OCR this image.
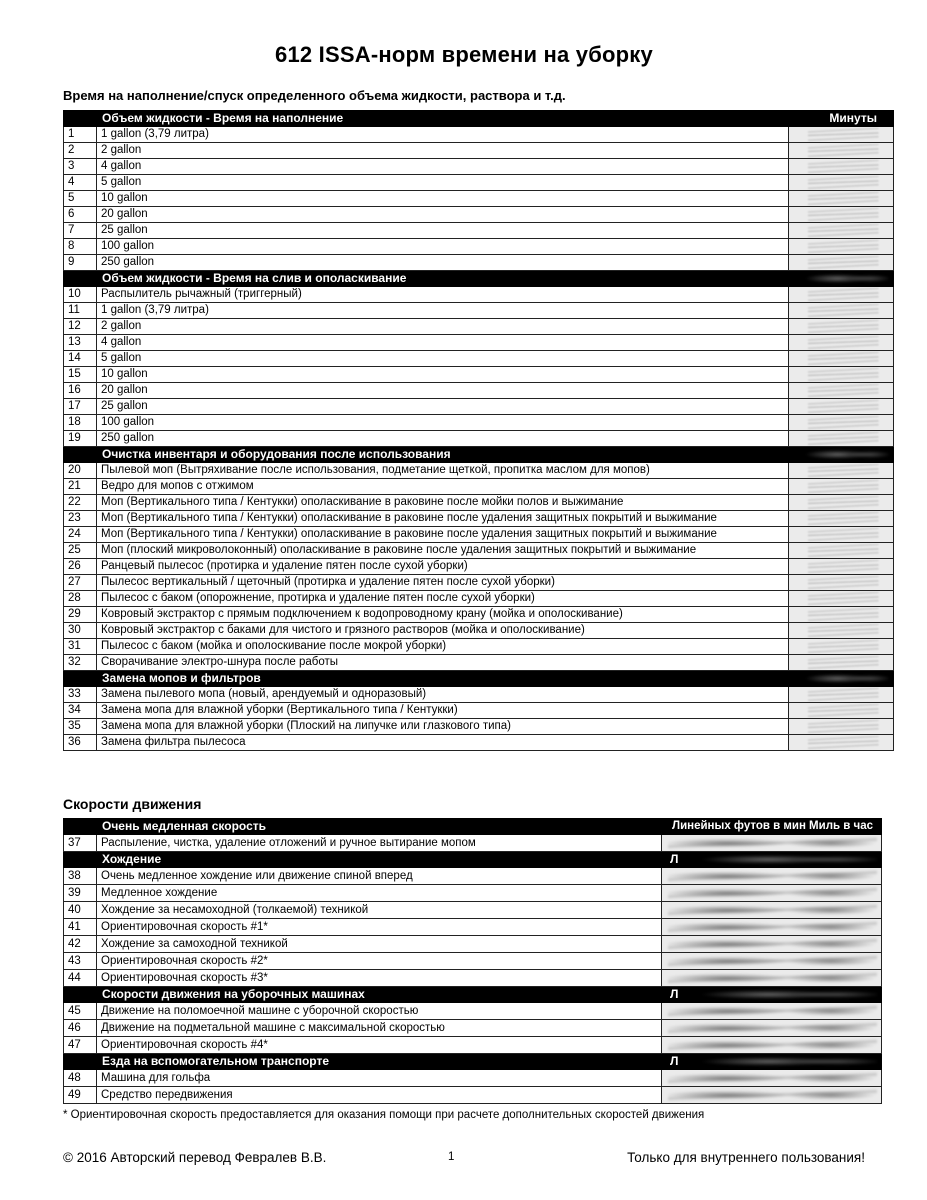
612 ISSA-норм времени на уборку
Время на наполнение/спуск определенного объема жидкости, раствора и т.д.
	Объем жидкости - Время на наполнение	Минуты
1	1 gallon (3,79 литра)	

2	2 gallon	

3	4 gallon	

4	5 gallon	

5	10 gallon	

6	20 gallon	

7	25 gallon	

8	100 gallon	

9	250 gallon	

	Объем жидкости - Время на слив и ополаскивание	

10	Распылитель рычажный (триггерный)	

11	1 gallon (3,79 литра)	

12	2 gallon	

13	4 gallon	

14	5 gallon	

15	10 gallon	

16	20 gallon	

17	25 gallon	

18	100 gallon	

19	250 gallon	

	Очистка инвентаря и оборудования после использования	

20	Пылевой моп (Вытряхивание после использования, подметание щеткой, пропитка маслом для мопов)	

21	Ведро для мопов с отжимом	

22	Моп (Вертикального типа / Кентукки) ополаскивание в раковине после мойки полов и выжимание	

23	Моп (Вертикального типа / Кентукки) ополаскивание в раковине после удаления защитных покрытий и выжимание	

24	Моп (Вертикального типа / Кентукки) ополаскивание в раковине после удаления защитных покрытий и выжимание	

25	Моп (плоский микроволоконный) ополаскивание в раковине после удаления защитных покрытий и выжимание	

26	Ранцевый пылесос (протирка и удаление пятен после сухой уборки)	

27	Пылесос вертикальный / щеточный (протирка и удаление пятен после сухой уборки)	

28	Пылесос с баком (опорожнение, протирка и удаление пятен после сухой уборки)	

29	Ковровый экстрактор с прямым подключением к водопроводному крану (мойка и ополоскивание)	

30	Ковровый экстрактор с баками для чистого и грязного растворов (мойка и ополоскивание)	

31	Пылесос с баком (мойка и ополоскивание после мокрой уборки)	

32	Сворачивание электро-шнура после работы	

	Замена мопов и фильтров	

33	Замена пылевого мопа (новый, арендуемый и одноразовый)	

34	Замена мопа для влажной уборки (Вертикального типа / Кентукки)	

35	Замена мопа для влажной уборки (Плоский на липучке или глазкового типа)	

36	Замена фильтра пылесоса	
Скорости движения
	Очень медленная скорость	Линейных футов в мин Миль в час

37	Распыление, чистка, удаление отложений и ручное вытирание мопом	

	Хождение	Л

38	Очень медленное хождение или движение спиной вперед	

39	Медленное хождение	

40	Хождение за несамоходной (толкаемой) техникой	

41	Ориентировочная скорость #1*	

42	Хождение за самоходной техникой	

43	Ориентировочная скорость #2*	

44	Ориентировочная скорость #3*	

	Скорости движения на уборочных машинах	Л

45	Движение на поломоечной машине с уборочной скоростью	

46	Движение на подметальной машине с максимальной скоростью	

47	Ориентировочная скорость #4*	

	Езда на вспомогательном транспорте	Л

48	Машина для гольфа	

49	Средство передвижения	
* Ориентировочная скорость предоставляется для оказания помощи при расчете дополнительных скоростей движения
© 2016 Авторский перевод Февралев В.В.	1	Только для внутреннего пользования!
